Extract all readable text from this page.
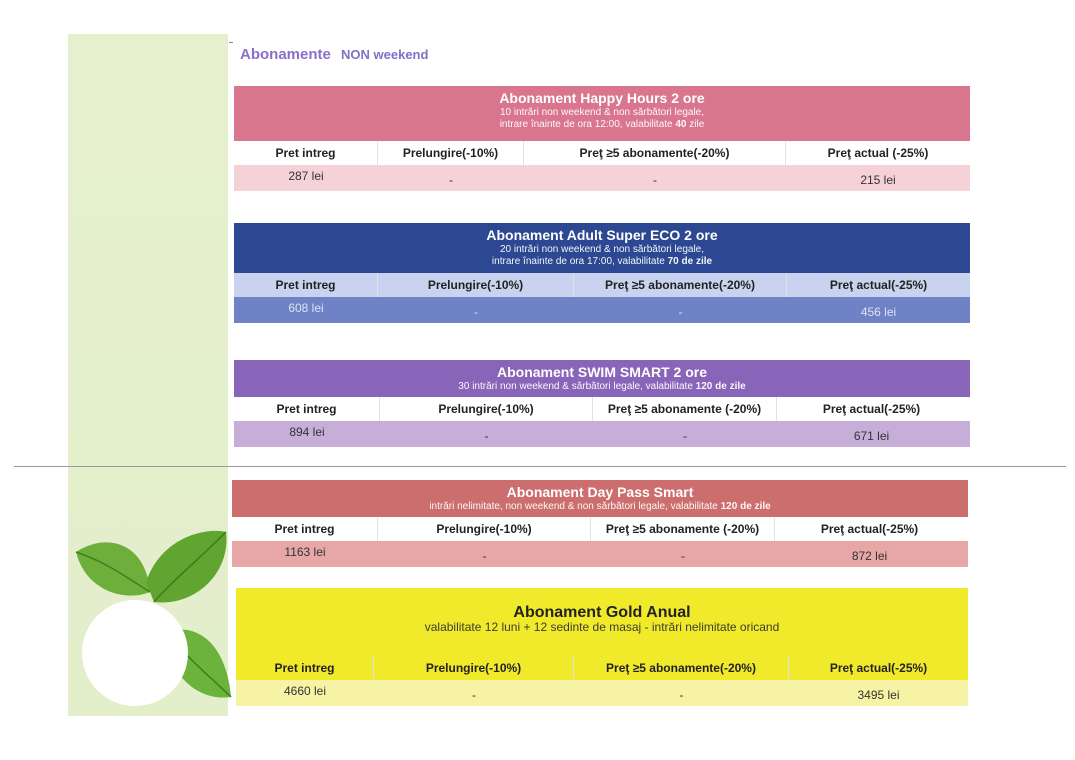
Abonamente NON weekend
Abonament Happy Hours 2 ore
10 intrări non weekend & non sărbători legale,
intrare înainte de ora 12:00, valabilitate 40 zile
Pret intreg	Prelungire(-10%)	Preţ ≥5 abonamente(-20%)	Preţ actual (-25%)
287 lei	-	-	215 lei
Abonament Adult Super ECO 2 ore
20 intrări non weekend & non sărbători legale,
intrare înainte de ora 17:00, valabilitate 70 de zile
Pret intreg	Prelungire(-10%)	Preţ ≥5 abonamente(-20%)	Preţ actual(-25%)
608 lei	-	-	456 lei
Abonament SWIM SMART 2 ore
30 intrări non weekend & sărbători legale, valabilitate 120 de zile
Pret intreg	Prelungire(-10%)	Preţ ≥5 abonamente (-20%)	Preţ actual(-25%)
894 lei	-	-	671 lei
Abonament Day Pass Smart
intrări nelimitate, non weekend & non sărbători legale, valabilitate 120 de zile
Pret intreg	Prelungire(-10%)	Preţ ≥5 abonamente (-20%)	Preţ actual(-25%)
1163 lei	-	-	872 lei
Abonament Gold Anual
valabilitate 12 luni + 12 sedinte de masaj - intrări nelimitate oricand
Pret intreg	Prelungire(-10%)	Preţ ≥5 abonamente(-20%)	Preţ actual(-25%)
4660 lei	-	-	3495 lei
